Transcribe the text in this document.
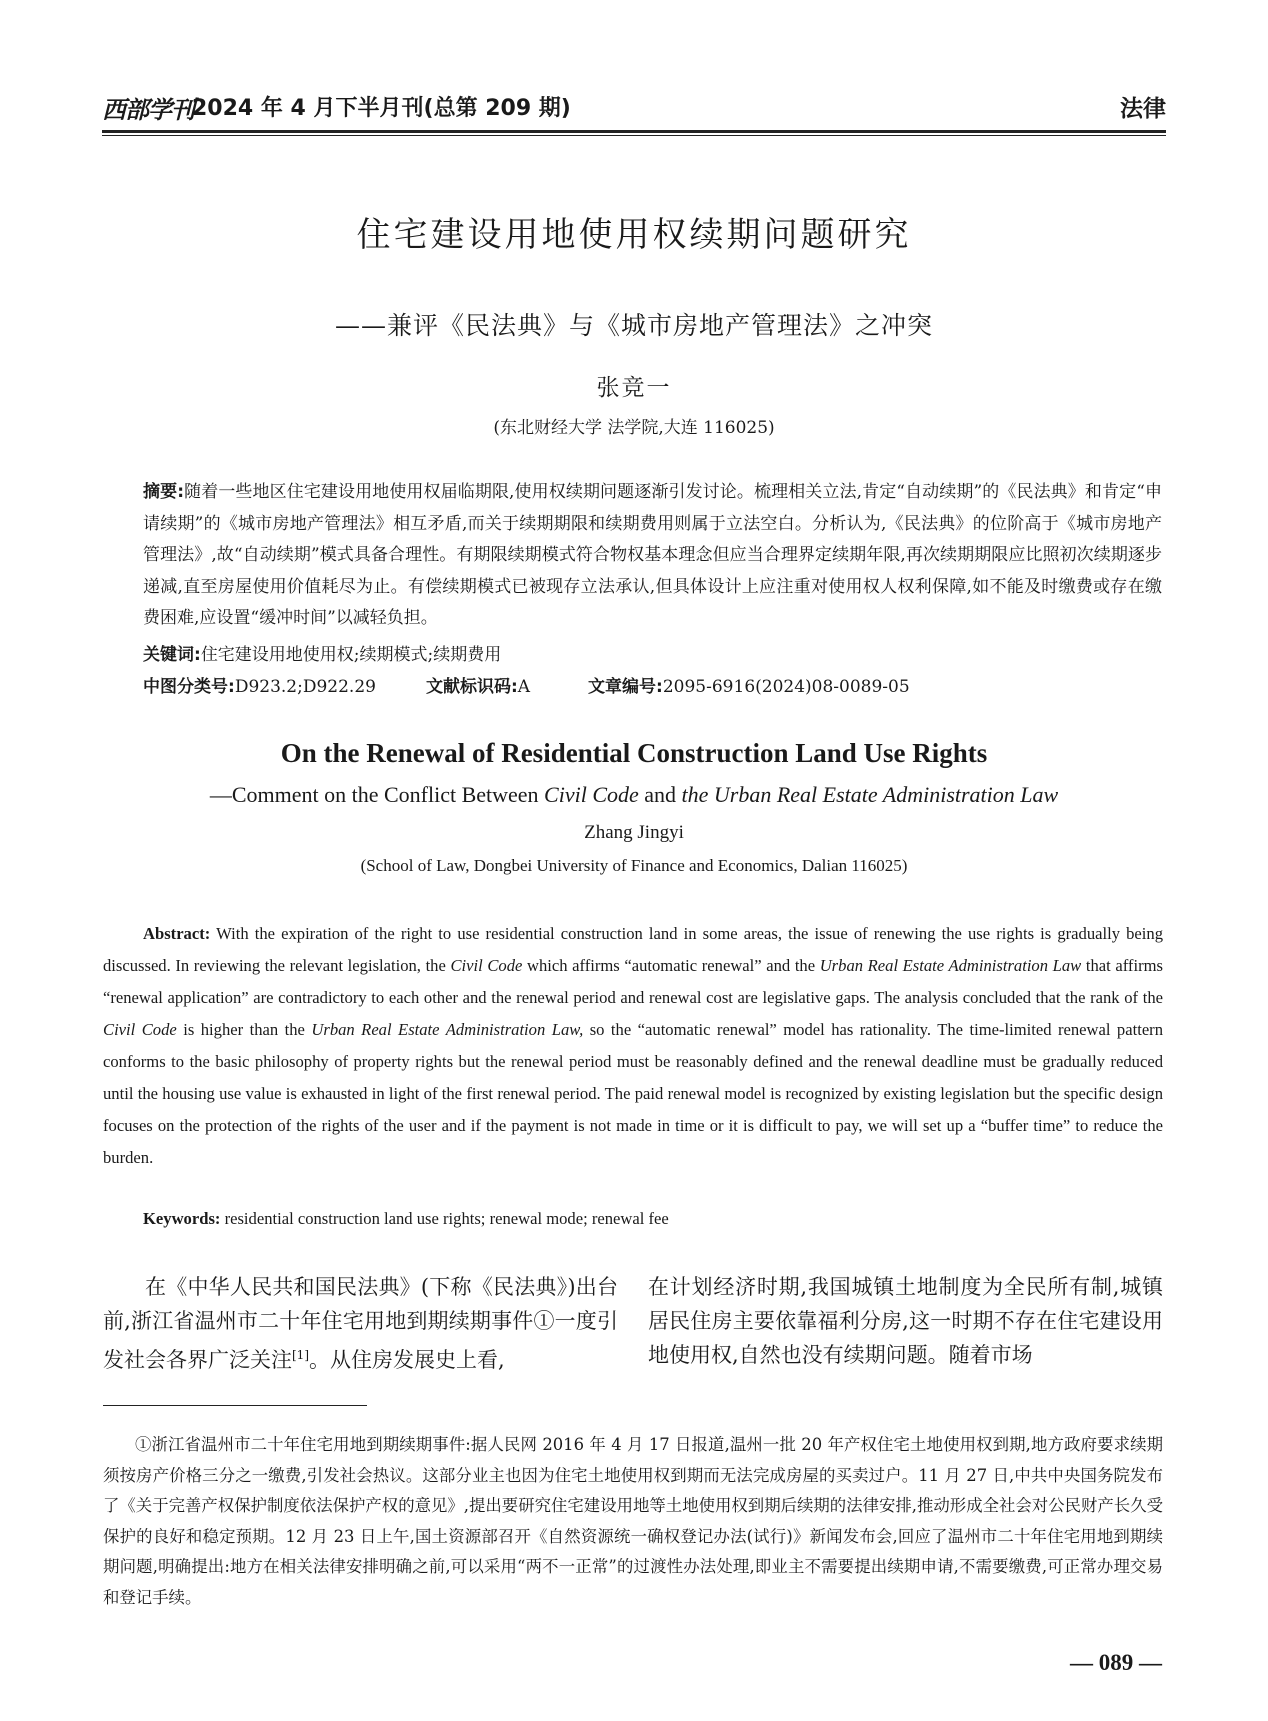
西部学刊
2024 年 4 月下半月刊(总第 209 期)	法律
住宅建设用地使用权续期问题研究
——兼评《民法典》与《城市房地产管理法》之冲突
张竞一
(东北财经大学 法学院,大连 116025)
摘要:随着一些地区住宅建设用地使用权届临期限,使用权续期问题逐渐引发讨论。梳理相关立法,肯定“自动续期”的《民法典》和肯定“申请续期”的《城市房地产管理法》相互矛盾,而关于续期期限和续期费用则属于立法空白。分析认为,《民法典》的位阶高于《城市房地产管理法》,故“自动续期”模式具备合理性。有期限续期模式符合物权基本理念但应当合理界定续期年限,再次续期期限应比照初次续期逐步递减,直至房屋使用价值耗尽为止。有偿续期模式已被现存立法承认,但具体设计上应注重对使用权人权利保障,如不能及时缴费或存在缴费困难,应设置“缓冲时间”以减轻负担。
关键词:住宅建设用地使用权;续期模式;续期费用
中图分类号:D923.2;D922.29	文献标识码:A	文章编号:2095-6916(2024)08-0089-05
On the Renewal of Residential Construction Land Use Rights
—Comment on the Conflict Between Civil Code and the Urban Real Estate Administration Law
Zhang Jingyi
(School of Law, Dongbei University of Finance and Economics, Dalian 116025)
Abstract: With the expiration of the right to use residential construction land in some areas, the issue of renewing the use rights is gradually being discussed. In reviewing the relevant legislation, the Civil Code which affirms “automatic renewal” and the Urban Real Estate Administration Law that affirms “renewal application” are contradictory to each other and the renewal period and renewal cost are legislative gaps. The analysis concluded that the rank of the Civil Code is higher than the Urban Real Estate Administration Law, so the “automatic renewal” model has rationality. The time-limited renewal pattern conforms to the basic philosophy of property rights but the renewal period must be reasonably defined and the renewal deadline must be gradually reduced until the housing use value is exhausted in light of the first renewal period. The paid renewal model is recognized by existing legislation but the specific design focuses on the protection of the rights of the user and if the payment is not made in time or it is difficult to pay, we will set up a “buffer time” to reduce the burden.
Keywords: residential construction land use rights; renewal mode; renewal fee
在《中华人民共和国民法典》(下称《民法典》)出台前,浙江省温州市二十年住宅用地到期续期事件①一度引发社会各界广泛关注[1]。从住房发展史上看,
在计划经济时期,我国城镇土地制度为全民所有制,城镇居民住房主要依靠福利分房,这一时期不存在住宅建设用地使用权,自然也没有续期问题。随着市场
①浙江省温州市二十年住宅用地到期续期事件:据人民网 2016 年 4 月 17 日报道,温州一批 20 年产权住宅土地使用权到期,地方政府要求续期须按房产价格三分之一缴费,引发社会热议。这部分业主也因为住宅土地使用权到期而无法完成房屋的买卖过户。11 月 27 日,中共中央国务院发布了《关于完善产权保护制度依法保护产权的意见》,提出要研究住宅建设用地等土地使用权到期后续期的法律安排,推动形成全社会对公民财产长久受保护的良好和稳定预期。12 月 23 日上午,国土资源部召开《自然资源统一确权登记办法(试行)》新闻发布会,回应了温州市二十年住宅用地到期续期问题,明确提出:地方在相关法律安排明确之前,可以采用“两不一正常”的过渡性办法处理,即业主不需要提出续期申请,不需要缴费,可正常办理交易和登记手续。
— 089 —
